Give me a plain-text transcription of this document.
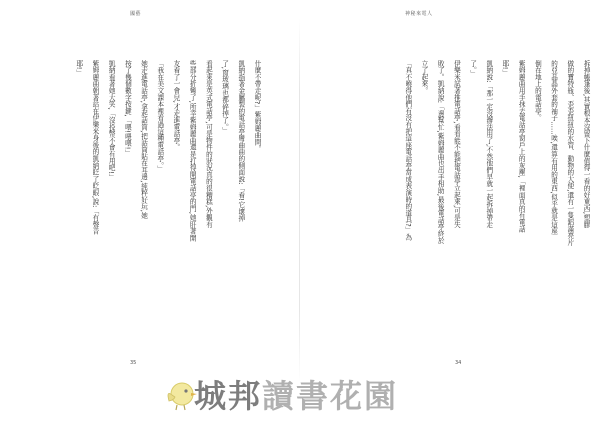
國藝
什麼不帶走呢?」紫姆麗曲問。
凱納指著金屬製的電話亭彎曲曲的側面說:「看!它壞掉
了,窗玻璃也都碎掉了。」
看起來是英式電話亭,可是物件的狀況真的很糟糕,外觀有
些部分折彎了,所幸紫姆麗曲還是打得開電話亭的門,她肝著開
友看了一會兒,才走進電話亭。
「我在美文課本裡看過這種電話亭。」
她走進電話亭,拿起話筒,把話筒貼在耳邊,純粹好玩,她
按了幾個數字按鍵,「喂!喂喂!」
凱納看著她大笑,「沒投幣不會有用吧!」
紫姆麗曲朝著站在伊樂米身後的凱納眨了眨眼,說:「有聲音
耶!」
35
神秘來電人
拆掉帳篷後,其實根本沒留下什麼值得一看的好東西,塑膠
做的寶特瓶、歪歪扭扭的水管、動物的大便,還有一隻鋁滿亮片
的亞品晶外套的袖子……唉,還算有用的東西,似乎就是這座
倒在地上的電話亭。
紫姆麗曲用手抹去電話亭窗戶上的灰塵,「裡面真的有電話
耶!」
凱納說:「那一定沒辦法用了,不然他們早就一起拆掉帶走
了。」
伊樂米試著推電話亭,看看能不能把電話亭立起來,可是失
敗了。凱納說:「邊幫忙,紫姆麗曲也出手相助,最後電話亭終於
立了起來。
「真不曉得他們有沒有把這座電話亭當成表演時的道具?」為
34
城邦讀書花園
